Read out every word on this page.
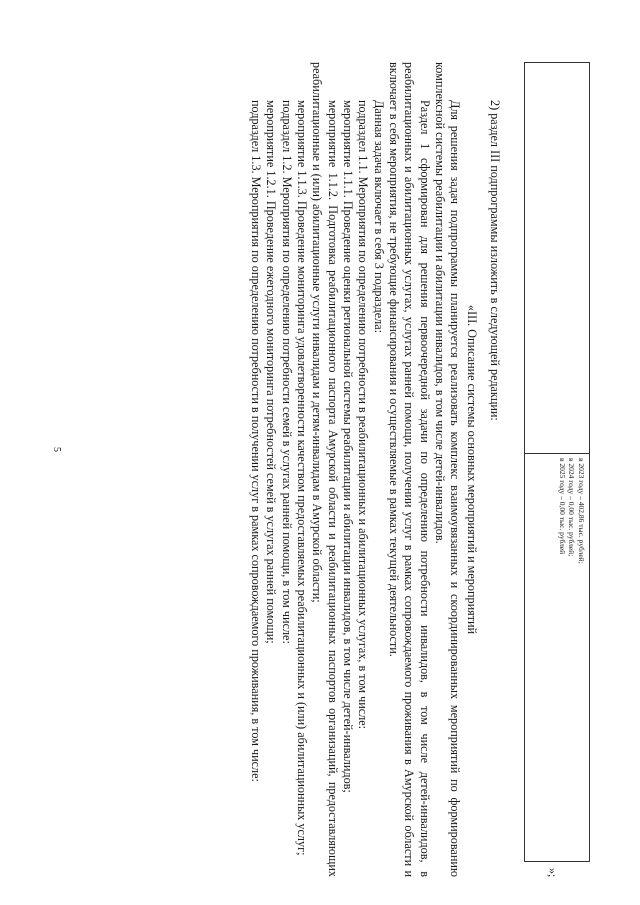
5
в 2023 году – 402,86 тыс. рублей;
в 2024 году – 0,00 тыс. рублей;
в 2025 году – 0,00 тыс. рублей
»;

2) раздел III подпрограммы изложить в следующей редакции:

«III. Описание системы основных мероприятий и мероприятий

Для решения задач подпрограммы планируется реализовать комплекс взаимоувязанных и скоординированных мероприятий по формированию комплексной системы реабилитации и абилитации инвалидов, в том числе детей-инвалидов.

Раздел 1 сформирован для решения первоочередной задачи по определению потребности инвалидов, в том числе детей-инвалидов, в реабилитационных и абилитационных услугах, услугах ранней помощи, получении услуг в рамках сопровождаемого проживания в Амурской области и включает в себя мероприятия, не требующие финансирования и осуществляемые в рамках текущей деятельности.

Данная задача включает в себя 3 подраздела:

подраздел 1.1. Мероприятия по определению потребности в реабилитационных и абилитационных услугах, в том числе:

мероприятие 1.1.1. Проведение оценки региональной системы реабилитации и абилитации инвалидов, в том числе детей-инвалидов;

мероприятие 1.1.2. Подготовка реабилитационного паспорта Амурской области и реабилитационных паспортов организаций, предоставляющих реабилитационные и (или) абилитационные услуги инвалидам и детям-инвалидам в Амурской области;

мероприятие 1.1.3. Проведение мониторинга удовлетворенности качеством предоставляемых реабилитационных и (или) абилитационных услуг;

подраздел 1.2. Мероприятия по определению потребности семей в услугах ранней помощи, в том числе:

мероприятие 1.2.1. Проведение ежегодного мониторинга потребностей семей в услугах ранней помощи;

подраздел 1.3. Мероприятия по определению потребности в получении услуг в рамках сопровождаемого проживания, в том числе:
